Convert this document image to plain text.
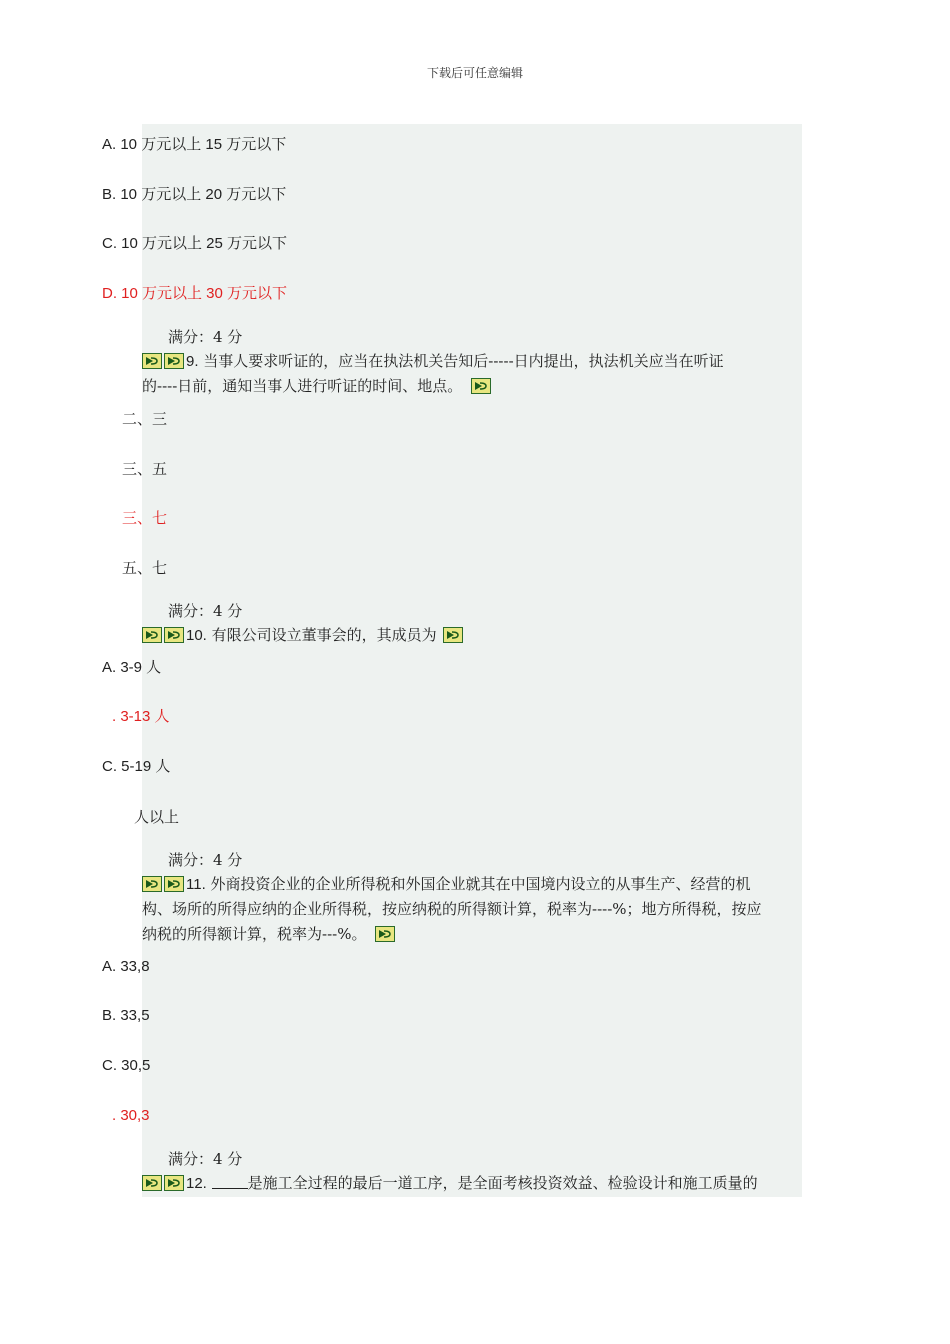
下载后可任意编辑
A. 10 万元以上 15 万元以下
B. 10 万元以上 20 万元以下
C. 10 万元以上 25 万元以下
D. 10 万元以上 30 万元以下
满分：4 分
9. 当事人要求听证的，应当在执法机关告知后-----日内提出，执法机关应当在听证
的----日前，通知当事人进行听证的时间、地点。
二、三
三、五
三、七
五、七
满分：4 分
10. 有限公司设立董事会的，其成员为
A. 3-9 人
. 3-13 人
C. 5-19 人
人以上
满分：4 分
11. 外商投资企业的企业所得税和外国企业就其在中国境内设立的从事生产、经营的机
构、场所的所得应纳的企业所得税，按应纳税的所得额计算，税率为----%；地方所得税，按应
纳税的所得额计算，税率为---%。
A. 33,8
B. 33,5
C. 30,5
. 30,3
满分：4 分
12.	是施工全过程的最后一道工序，是全面考核投资效益、检验设计和施工质量的
